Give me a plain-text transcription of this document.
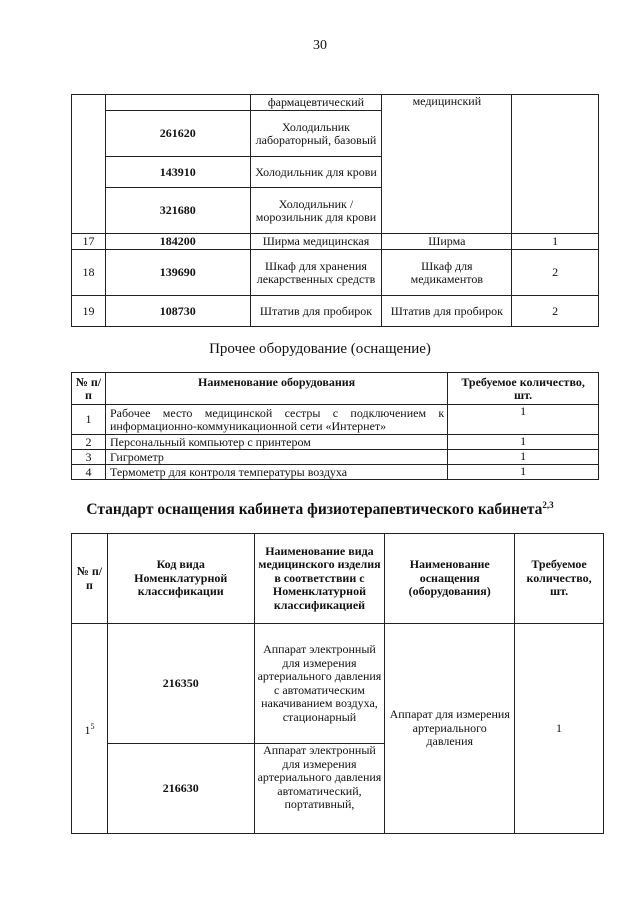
30
		фармацевтический	медицинский	
	261620	Холодильник лабораторный, базовый		
	143910	Холодильник для крови		
	321680	Холодильник /морозильник для крови		
17	184200	Ширма медицинская	Ширма	1
18	139690	Шкаф для хранения лекарственных средств	Шкаф для медикаментов	2
19	108730	Штатив для пробирок	Штатив для пробирок	2
Прочее оборудование (оснащение)
№ п/п	Наименование оборудования	Требуемое количество, шт.
1	Рабочее место медицинской сестры с подключением к информационно-коммуникационной сети «Интернет»	1
2	Персональный компьютер с принтером	1
3	Гигрометр	1
4	Термометр для контроля температуры воздуха	1
Стандарт оснащения кабинета физиотерапевтического кабинета$^{2,3}$
№ п/п	Код вида Номенклатурной классификации	Наименование вида медицинского изделия в соответствии с Номенклатурной классификацией	Наименование оснащения (оборудования)	Требуемое количество, шт.
$1^5$	216350	Аппарат электронный для измерения артериального давления с автоматическим накачиванием воздуха, стационарный	Аппарат для измерения артериального давления	1
	216630	Аппарат электронный для измерения артериального давления автоматический, портативный,		
